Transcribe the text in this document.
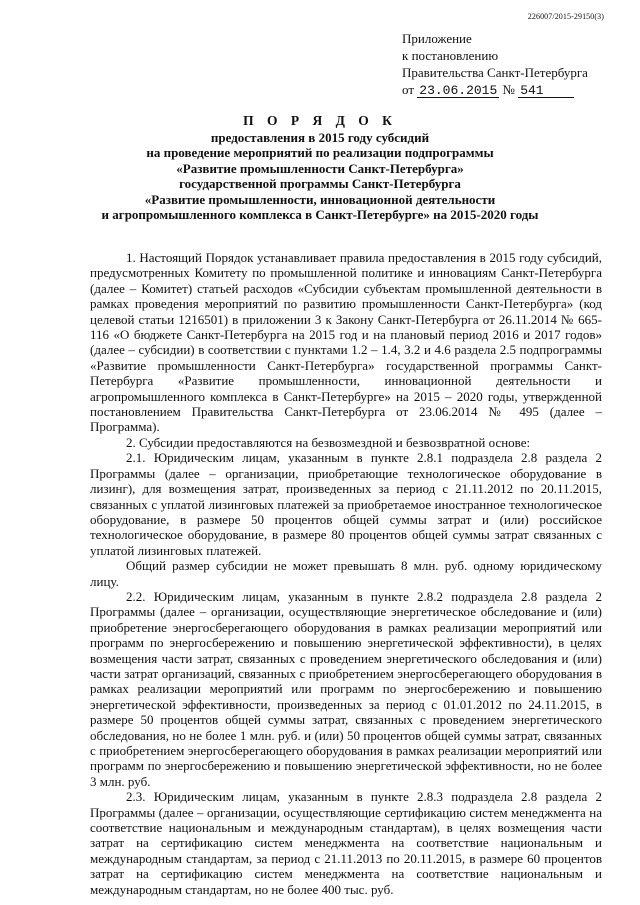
226007/2015-29150(3)
Приложение
к постановлению
Правительства Санкт-Петербурга
от 23.06.2015 № 541
П О Р Я Д О К
предоставления в 2015 году субсидий
на проведение мероприятий по реализации подпрограммы
«Развитие промышленности Санкт-Петербурга»
государственной программы Санкт-Петербурга
«Развитие промышленности, инновационной деятельности
и агропромышленного комплекса в Санкт-Петербурге» на 2015-2020 годы

1. Настоящий Порядок устанавливает правила предоставления в 2015 году субсидий, предусмотренных Комитету по промышленной политике и инновациям Санкт-Петербурга (далее – Комитет) статьей расходов «Субсидии субъектам промышленной деятельности в рамках проведения мероприятий по развитию промышленности Санкт-Петербурга» (код целевой статьи 1216501) в приложении 3 к Закону Санкт-Петербурга от 26.11.2014 № 665-116 «О бюджете Санкт-Петербурга на 2015 год и на плановый период 2016 и 2017 годов» (далее – субсидии) в соответствии с пунктами 1.2 – 1.4, 3.2 и 4.6 раздела 2.5 подпрограммы «Развитие промышленности Санкт-Петербурга» государственной программы Санкт-Петербурга «Развитие промышленности, инновационной деятельности и агропромышленного комплекса в Санкт-Петербурге» на 2015 – 2020 годы, утвержденной постановлением Правительства Санкт-Петербурга от 23.06.2014 № 495 (далее – Программа).

2. Субсидии предоставляются на безвозмездной и безвозвратной основе:

2.1. Юридическим лицам, указанным в пункте 2.8.1 подраздела 2.8 раздела 2 Программы (далее – организации, приобретающие технологическое оборудование в лизинг), для возмещения затрат, произведенных за период с 21.11.2012 по 20.11.2015, связанных с уплатой лизинговых платежей за приобретаемое иностранное технологическое оборудование, в размере 50 процентов общей суммы затрат и (или) российское технологическое оборудование, в размере 80 процентов общей суммы затрат связанных с уплатой лизинговых платежей.

Общий размер субсидии не может превышать 8 млн. руб. одному юридическому лицу.

2.2. Юридическим лицам, указанным в пункте 2.8.2 подраздела 2.8 раздела 2 Программы (далее – организации, осуществляющие энергетическое обследование и (или) приобретение энергосберегающего оборудования в рамках реализации мероприятий или программ по энергосбережению и повышению энергетической эффективности), в целях возмещения части затрат, связанных с проведением энергетического обследования и (или) части затрат организаций, связанных с приобретением энергосберегающего оборудования в рамках реализации мероприятий или программ по энергосбережению и повышению энергетической эффективности, произведенных за период с 01.01.2012 по 24.11.2015, в размере 50 процентов общей суммы затрат, связанных с проведением энергетического обследования, но не более 1 млн. руб. и (или) 50 процентов общей суммы затрат, связанных с приобретением энергосберегающего оборудования в рамках реализации мероприятий или программ по энергосбережению и повышению энергетической эффективности, но не более 3 млн. руб.

2.3. Юридическим лицам, указанным в пункте 2.8.3 подраздела 2.8 раздела 2 Программы (далее – организации, осуществляющие сертификацию систем менеджмента на соответствие национальным и международным стандартам), в целях возмещения части затрат на сертификацию систем менеджмента на соответствие национальным и международным стандартам, за период с 21.11.2013 по 20.11.2015, в размере 60 процентов затрат на сертификацию систем менеджмента на соответствие национальным и международным стандартам, но не более 400 тыс. руб.
